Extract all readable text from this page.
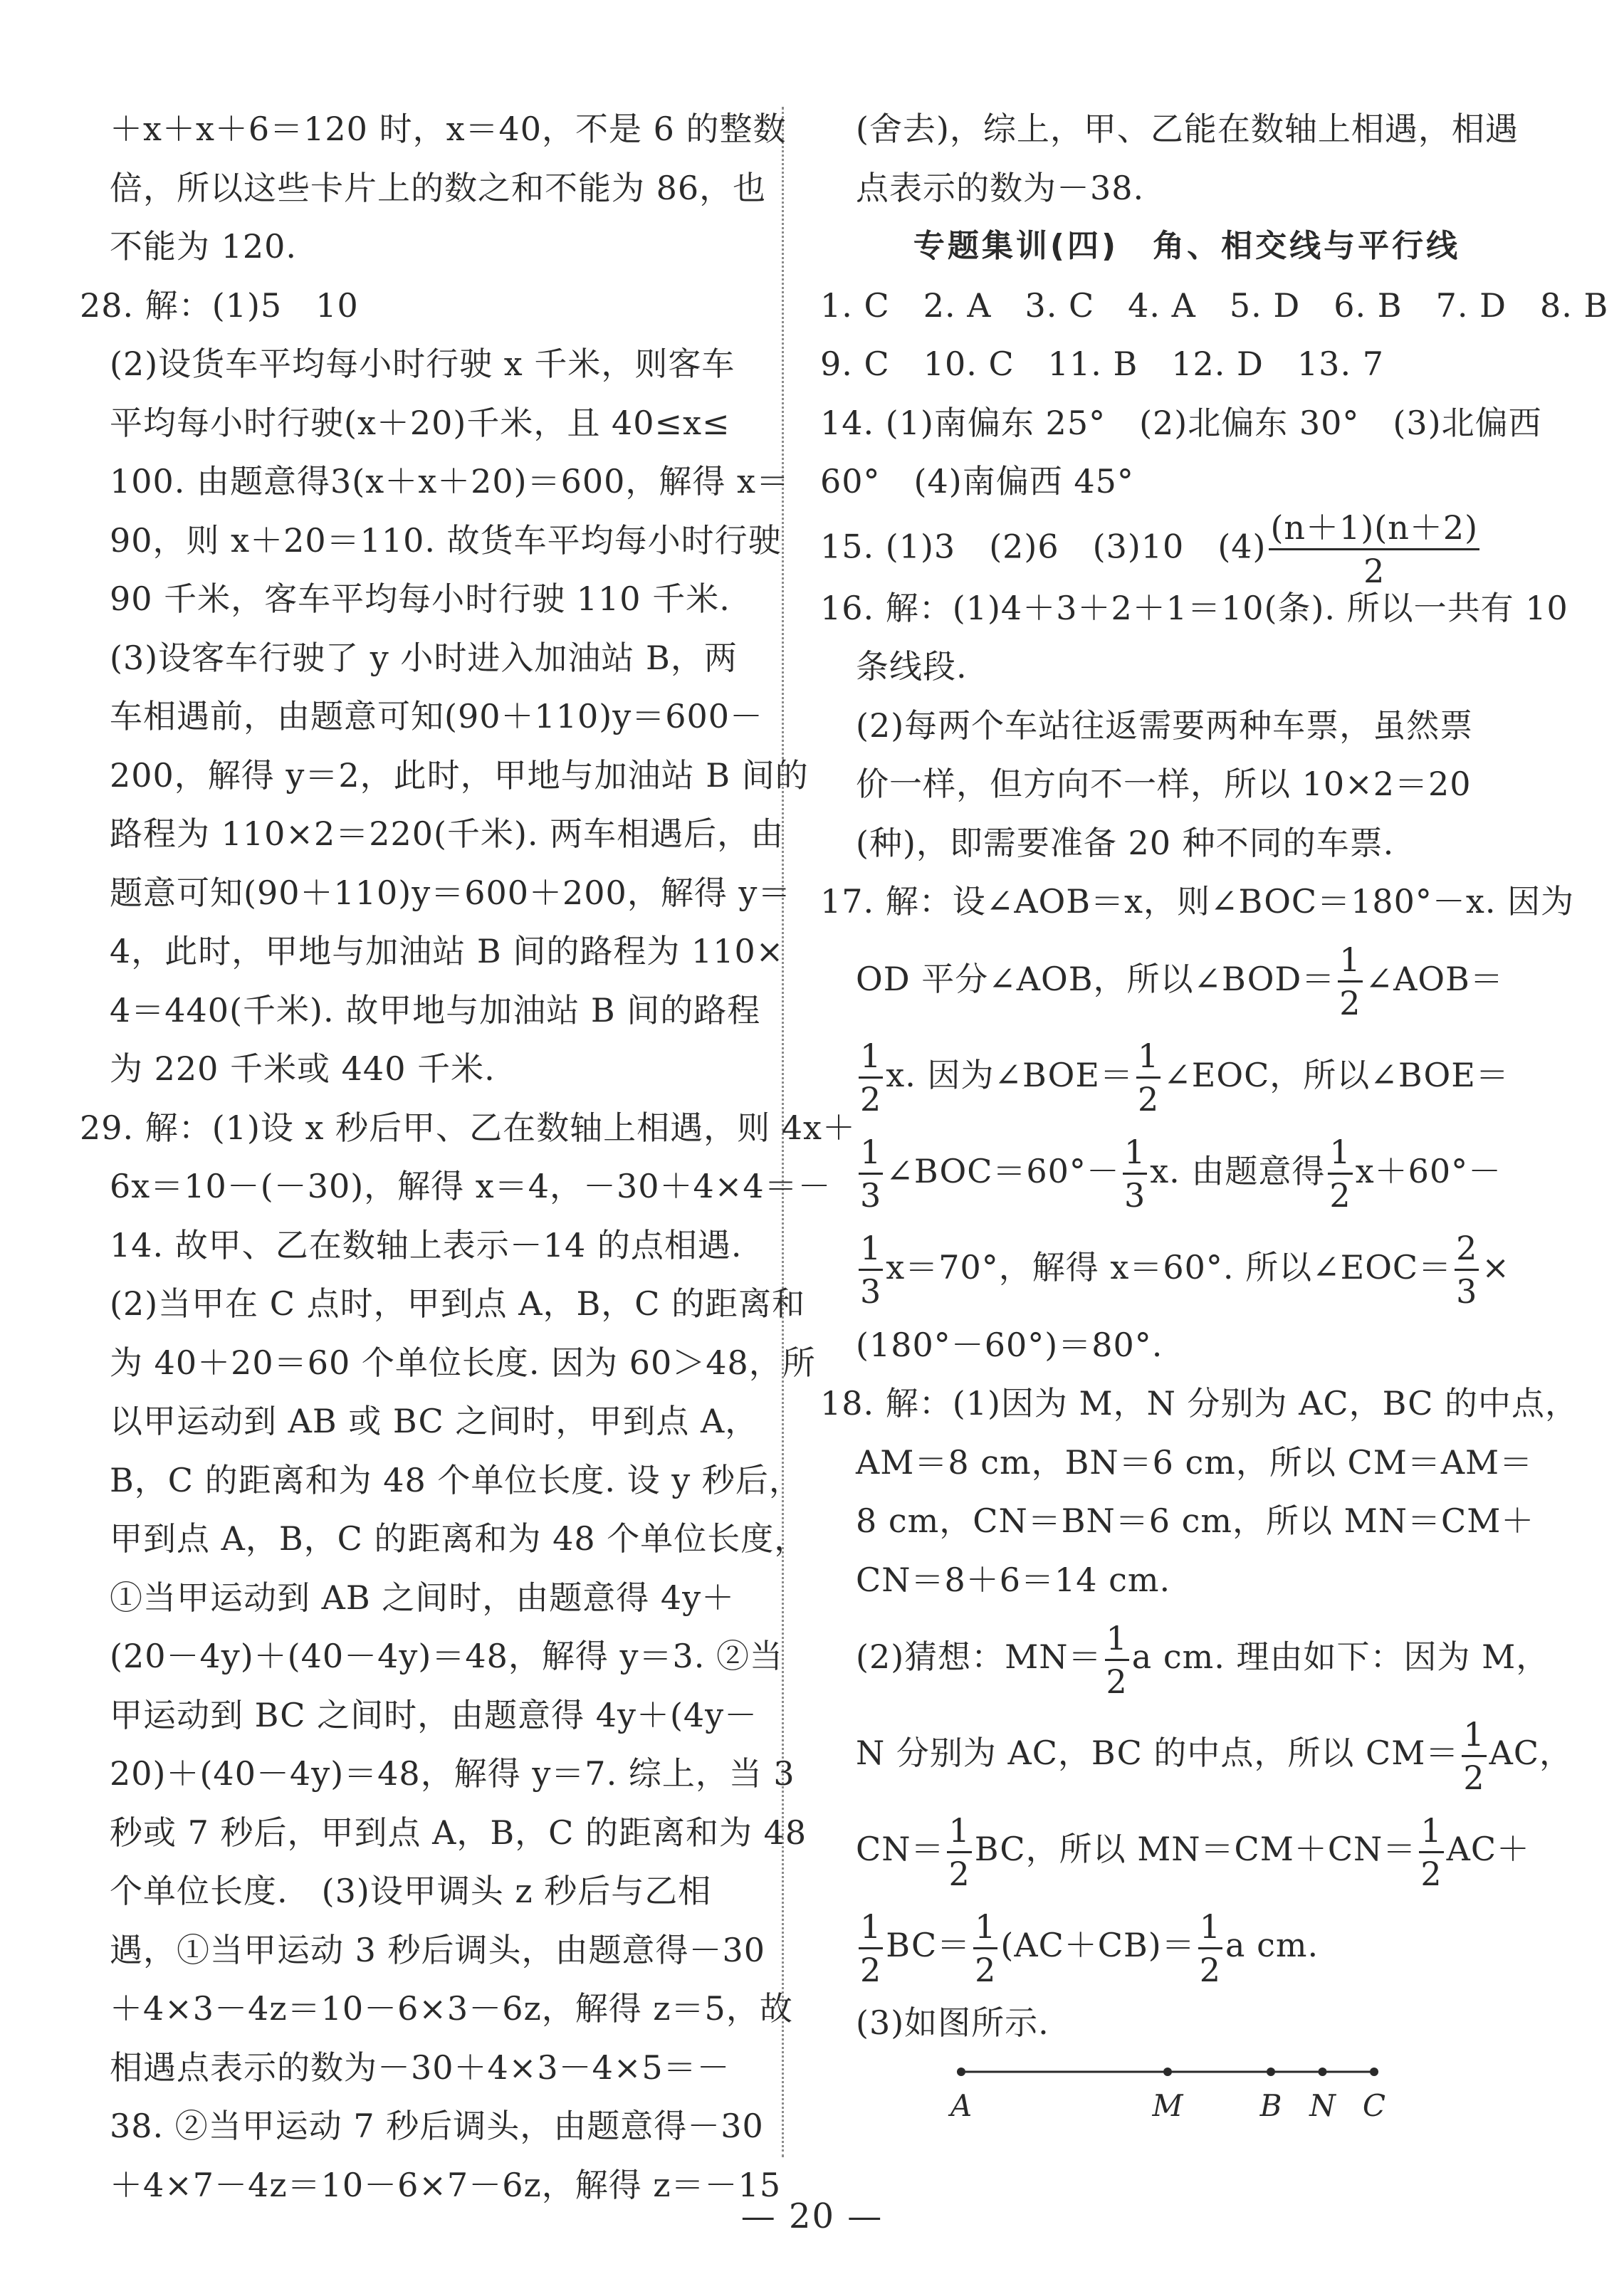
＋x＋x＋6＝120 时，x＝40，不是 6 的整数
倍，所以这些卡片上的数之和不能为 86，也
不能为 120.
28. 解：(1)5　10
(2)设货车平均每小时行驶 x 千米，则客车
平均每小时行驶(x＋20)千米，且 40≤x≤
100. 由题意得3(x＋x＋20)＝600，解得 x＝
90，则 x＋20＝110. 故货车平均每小时行驶
90 千米，客车平均每小时行驶 110 千米.
(3)设客车行驶了 y 小时进入加油站 B，两
车相遇前，由题意可知(90＋110)y＝600－
200，解得 y＝2，此时，甲地与加油站 B 间的
路程为 110×2＝220(千米). 两车相遇后，由
题意可知(90＋110)y＝600＋200，解得 y＝
4，此时，甲地与加油站 B 间的路程为 110×
4＝440(千米). 故甲地与加油站 B 间的路程
为 220 千米或 440 千米.
29. 解：(1)设 x 秒后甲、乙在数轴上相遇，则 4x＋
6x＝10－(－30)，解得 x＝4，－30＋4×4＝－
14. 故甲、乙在数轴上表示－14 的点相遇.
(2)当甲在 C 点时，甲到点 A，B，C 的距离和
为 40＋20＝60 个单位长度. 因为 60＞48，所
以甲运动到 AB 或 BC 之间时，甲到点 A，
B，C 的距离和为 48 个单位长度. 设 y 秒后，
甲到点 A，B，C 的距离和为 48 个单位长度，
①当甲运动到 AB 之间时，由题意得 4y＋
(20－4y)＋(40－4y)＝48，解得 y＝3. ②当
甲运动到 BC 之间时，由题意得 4y＋(4y－
20)＋(40－4y)＝48，解得 y＝7. 综上，当 3
秒或 7 秒后，甲到点 A，B，C 的距离和为 48
个单位长度.　(3)设甲调头 z 秒后与乙相
遇，①当甲运动 3 秒后调头，由题意得－30
＋4×3－4z＝10－6×3－6z，解得 z＝5，故
相遇点表示的数为－30＋4×3－4×5＝－
38. ②当甲运动 7 秒后调头，由题意得－30
＋4×7－4z＝10－6×7－6z，解得 z＝－15
(舍去)，综上，甲、乙能在数轴上相遇，相遇
点表示的数为－38.
专题集训(四)　角、相交线与平行线
1. C　2. A　3. C　4. A　5. D　6. B　7. D　8. B
9. C　10. C　11. B　12. D　13. 7
14. (1)南偏东 25°　(2)北偏东 30°　(3)北偏西
60°　(4)南偏西 45°
15. (1)3　(2)6　(3)10　$(4) \frac{(n+1)(n+2)}{2}$
16. 解：(1)4＋3＋2＋1＝10(条). 所以一共有 10
条线段.
(2)每两个车站往返需要两种车票，虽然票
价一样，但方向不一样，所以 10×2＝20
(种)，即需要准备 20 种不同的车票.
17. 解：设∠AOB＝x，则∠BOC＝180°－x. 因为
OD 平分∠AOB，所以∠BOD＝ $\frac{1}{2}$ ∠AOB＝
$\frac{1}{2} x$. 因为∠BOE＝ $\frac{1}{2}$ ∠EOC，所以∠BOE＝
$\frac{1}{3}$ ∠BOC＝60°－ $\frac{1}{3} x$. 由题意得 $\frac{1}{2} x+60^\circ-$
$\frac{1}{3} x=70^\circ$，解得 x＝60°. 所以∠EOC＝ $\frac{2}{3}$ ×
(180°－60°)＝80°.
18. 解：(1)因为 M，N 分别为 AC，BC 的中点，
AM＝8 cm，BN＝6 cm，所以 CM＝AM＝
8 cm，CN＝BN＝6 cm，所以 MN＝CM＋
CN＝8＋6＝14 cm.
(2)猜想：$MN= \frac{1}{2}$ a cm. 理由如下：因为 M，
N 分别为 AC，BC 的中点，所以 $CM= \frac{1}{2}$ AC，
$CN= \frac{1}{2}$ BC，所以 $MN=CM+CN= \frac{1}{2} AC+$
$\frac{1}{2} BC= \frac{1}{2} (AC+CB)= \frac{1}{2}$ a cm.
(3)如图所示.
A	M	B N C
— 20 —
